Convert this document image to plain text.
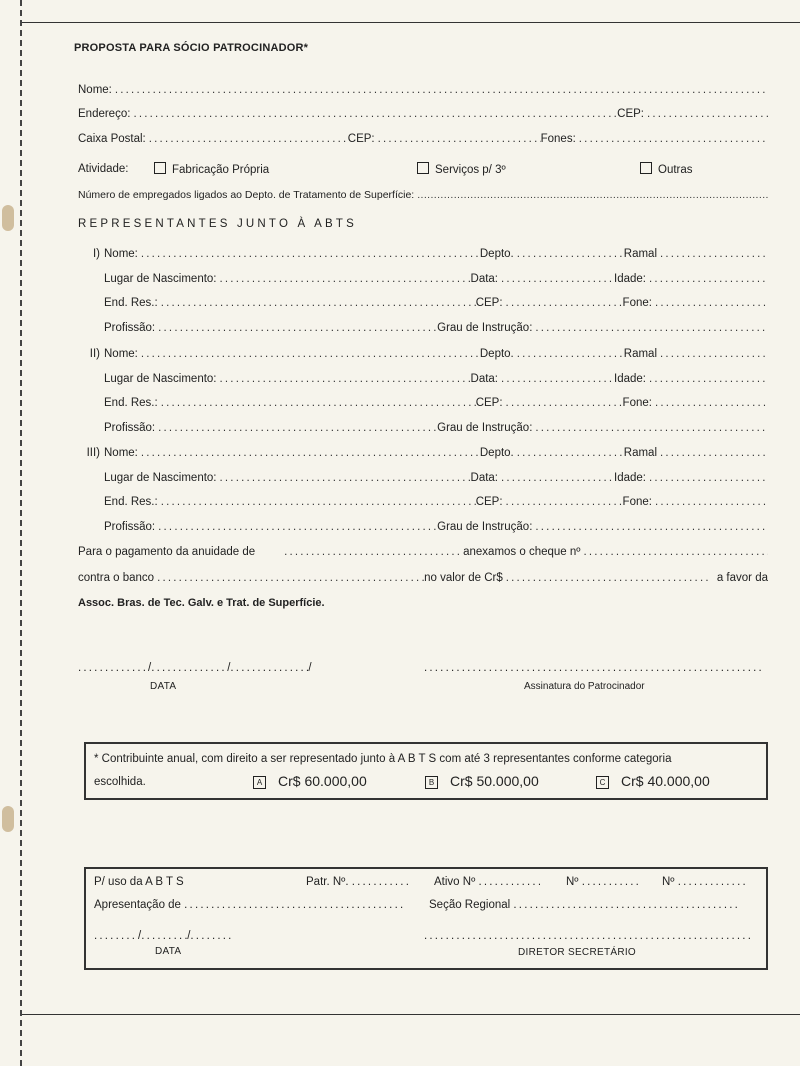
PROPOSTA PARA SÓCIO PATROCINADOR*
Nome:
.....
Endereço: .....	CEP:
.....
Caixa Postal: .....	CEP: .....	Fones:
.....
Atividade:	Fabricação Própria	Serviços p/ 3º	Outras
Número de empregados ligados ao Depto. de Tratamento de Superfície:
.....
REPRESENTANTES JUNTO À ABTS
I) Nome: .....	Depto. .....	Ramal
.....
Lugar de Nascimento: .....	Data: .....	Idade:
.....
End. Res.: .....	CEP: .....	Fone:
.....
Profissão: .....	Grau de Instrução:
.....
II) Nome: .....	Depto. .....	Ramal
.....
Lugar de Nascimento: .....	Data: .....	Idade:
.....
End. Res.: .....	CEP: .....	Fone:
.....
Profissão: .....	Grau de Instrução:
.....
III) Nome: .....	Depto. .....	Ramal
.....
Lugar de Nascimento: .....	Data: .....	Idade:
.....
End. Res.: .....	CEP: .....	Fone:
.....
Profissão: .....	Grau de Instrução:
.....
Para o pagamento da anuidade de .....	anexamos o cheque nº
.....
contra o banco .....	no valor de Cr$ .....	a favor da
Assoc. Bras. de Tec. Galv. e Trat. de Superfície.
...../ .....	/ .....	/
DATA
.....	Assinatura do Patrocinador
* Contribuinte anual, com direito a ser representado junto à A B T S com até 3 representantes conforme categoria
escolhida.	A Cr$ 60.000,00	B Cr$ 50.000,00	C Cr$ 40.000,00
P/ uso da A B T S	Patr. Nº. .....	Ativo Nº .....	Nº .....	Nº .....
Apresentação de .....	Seção Regional .....
...../ .....	/.....
DATA
.....	DIRETOR SECRETÁRIO
